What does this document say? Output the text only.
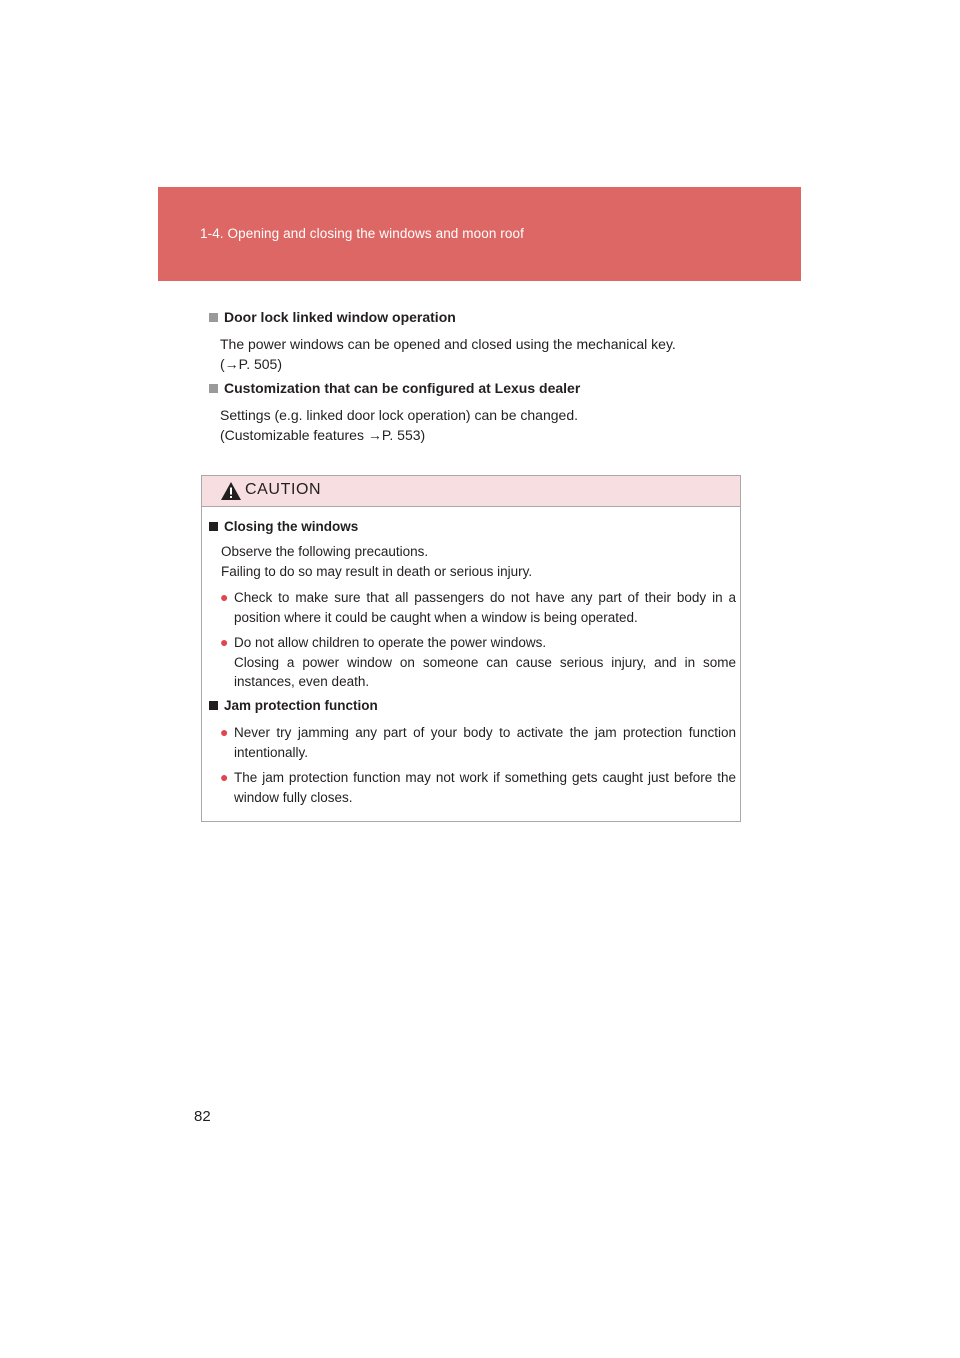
1-4. Opening and closing the windows and moon roof
Door lock linked window operation
The power windows can be opened and closed using the mechanical key.
(→P. 505)
Customization that can be configured at Lexus dealer
Settings (e.g. linked door lock operation) can be changed.
(Customizable features →P. 553)
CAUTION
Closing the windows
Observe the following precautions.
Failing to do so may result in death or serious injury.
● Check to make sure that all passengers do not have any part of their body in a position where it could be caught when a window is being operated.
● Do not allow children to operate the power windows.
Closing a power window on someone can cause serious injury, and in some instances, even death.
Jam protection function
● Never try jamming any part of your body to activate the jam protection function intentionally.
● The jam protection function may not work if something gets caught just before the window fully closes.
82
